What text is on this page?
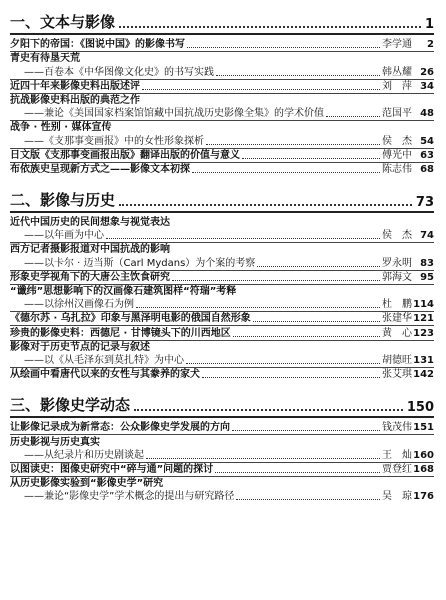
一、文本与影像	1
夕阳下的帝国：《图说中国》的影像书写	李学通	2
青史有待垦天荒
——百卷本《中华图像文化史》的书写实践	韩丛耀 26
近四十年来影像史料出版述评	刘　萍 34
抗战影像史料出版的典范之作
——兼论《美国国家档案馆馆藏中国抗战历史影像全集》的学术价值	范国平 48
战争 · 性别 · 媒体宣传
——《支那事变画报》中的女性形象探析	侯　杰 54
日文版《支那事变画报出版》翻译出版的价值与意义	傅光中 63
布依族史呈现新方式之——影像文本初探	陈志伟 68
二、影像与历史	73
近代中国历史的民间想象与视觉表达
——以年画为中心	侯　杰 74
西方记者摄影报道对中国抗战的影响
——以卡尔 · 迈当斯（Carl Mydans）为个案的考察	罗永明 83
形象史学视角下的大唐公主饮食研究	郭海文 95
“谶纬”思想影响下的汉画像石建筑图样“符瑞”考释
——以徐州汉画像石为例	杜　鹏 114
《德尔苏 · 乌扎拉》印象与黑泽明电影的俄国自然形象	张建华 121
珍贵的影像史料：西德尼 · 甘博镜头下的川西地区	黄　心 123
影像对于历史节点的记录与叙述
——以《从毛泽东到莫扎特》为中心	胡德旺 131
从绘画中看唐代以来的女性与其豢养的家犬	张艾琪 142
三、影像史学动态	150
让影像记录成为新常态：公众影像史学发展的方向	钱茂伟 151
历史影视与历史真实
——从纪录片和历史剧谈起	王　灿 160
以图读史：图像史研究中“碎与通”问题的探讨	贾登红 168
从历史影像实验到“影像史学”研究
——兼论“影像史学”学术概念的提出与研究路径	吴　琼 176
